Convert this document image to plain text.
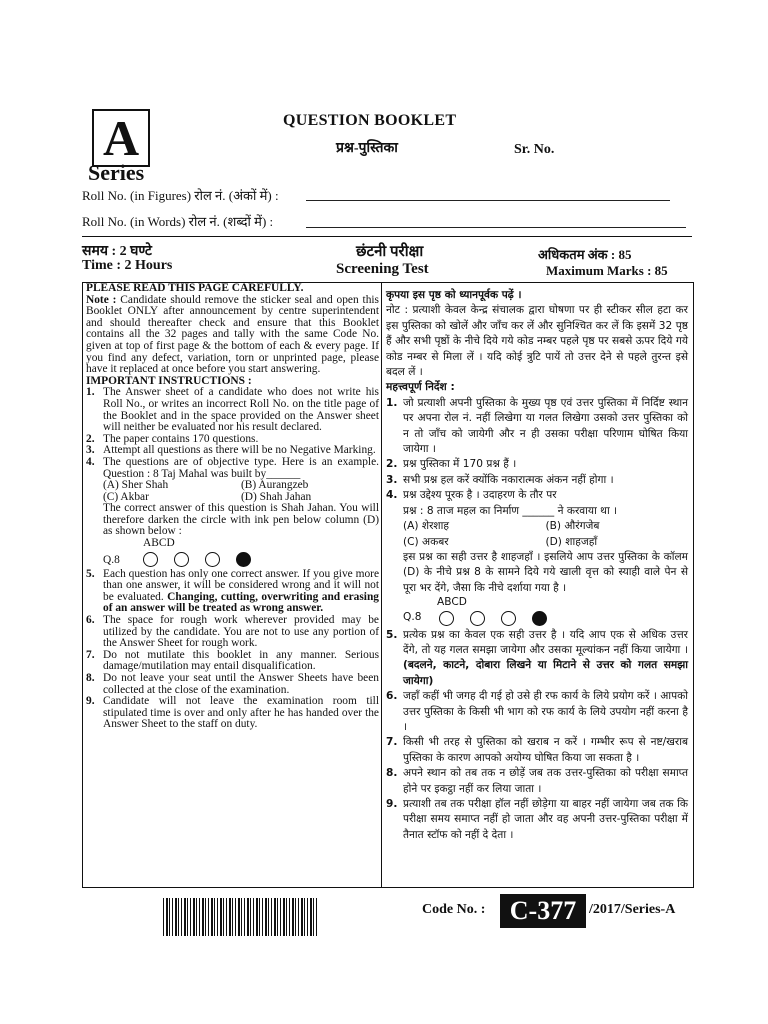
A
Series
QUESTION BOOKLET
प्रश्न-पुस्तिका	Sr. No.
Roll No. (in Figures) रोल नं. (अंकों में) :
Roll No. (in Words) रोल नं. (शब्दों में) :
समय : 2 घण्टे
Time : 2 Hours
छंटनी परीक्षा
Screening Test
अधिकतम अंक : 85
Maximum Marks : 85

PLEASE READ THIS PAGE CAREFULLY.

Note : Candidate should remove the sticker seal and open this Booklet ONLY after announcement by centre superintendent and should thereafter check and ensure that this Booklet contains all the 32 pages and tally with the same Code No. given at top of first page & the bottom of each & every page. If you find any defect, variation, torn or unprinted page, please have it replaced at once before you start answering.

IMPORTANT INSTRUCTIONS :

1. The Answer sheet of a candidate who does not write his Roll No., or writes an incorrect Roll No. on the title page of the Booklet and in the space provided on the Answer sheet will neither be evaluated nor his result declared.
2. The paper contains 170 questions.
3. Attempt all questions as there will be no Negative Marking.
4. The questions are of objective type. Here is an example. Question : 8 Taj Mahal was built by______
(A) Sher Shah	(B) Aurangzeb
(C) Akbar	(D) Shah Jahan
The correct answer of this question is Shah Jahan. You will therefore darken the circle with ink pen below column (D) as shown below :
ABCD
Q.8
5. Each question has only one correct answer. If you give more than one answer, it will be considered wrong and it will not be evaluated. Changing, cutting, overwriting and erasing of an answer will be treated as wrong answer.
6. The space for rough work wherever provided may be utilized by the candidate. You are not to use any portion of the Answer Sheet for rough work.
7. Do not mutilate this booklet in any manner. Serious damage/mutilation may entail disqualification.
8. Do not leave your seat until the Answer Sheets have been collected at the close of the examination.
9. Candidate will not leave the examination room till stipulated time is over and only after he has handed over the Answer Sheet to the staff on duty.

कृपया इस पृष्ठ को ध्यानपूर्वक पढ़ें ।

नोट : प्रत्याशी केवल केन्द्र संचालक द्वारा घोषणा पर ही स्टीकर सील हटा कर इस पुस्तिका को खोलें और जाँच कर लें और सुनिश्चित कर लें कि इसमें 32 पृष्ठ हैं और सभी पृष्ठों के नीचे दिये गये कोड नम्बर पहले पृष्ठ पर सबसे ऊपर दिये गये कोड नम्बर से मिला लें । यदि कोई त्रुटि पायें तो उत्तर देने से पहले तुरन्त इसे बदल लें ।

महत्त्वपूर्ण निर्देश :

1. जो प्रत्याशी अपनी पुस्तिका के मुख्य पृष्ठ एवं उत्तर पुस्तिका में निर्दिष्ट स्थान पर अपना रोल नं. नहीं लिखेगा या गलत लिखेगा उसको उत्तर पुस्तिका को न तो जाँच को जायेगी और न ही उसका परीक्षा परिणाम घोषित किया जायेगा ।
2. प्रश्न पुस्तिका में 170 प्रश्न हैं ।
3. सभी प्रश्न हल करें क्योंकि नकारात्मक अंकन नहीं होगा ।
4. प्रश्न उद्देश्य पूरक है । उदाहरण के तौर पर
प्रश्न : 8 ताज महल का निर्माण ______ ने करवाया था ।
(A) शेरशाह	(B) औरंगजेब
(C) अकबर	(D) शाहजहाँ
इस प्रश्न का सही उत्तर है शाहजहाँ । इसलिये आप उत्तर पुस्तिका के कॉलम (D) के नीचे प्रश्न 8 के सामने दिये गये खाली वृत्त को स्याही वाले पेन से पूरा भर देंगे, जैसा कि नीचे दर्शाया गया है ।
ABCD
Q.8
5. प्रत्येक प्रश्न का केवल एक सही उत्तर है । यदि आप एक से अधिक उत्तर देंगे, तो यह गलत समझा जायेगा और उसका मूल्यांकन नहीं किया जायेगा । (बदलने, काटने, दोबारा लिखने या मिटाने से उत्तर को गलत समझा जायेगा)
6. जहाँ कहीं भी जगह दी गई हो उसे ही रफ कार्य के लिये प्रयोग करें । आपको उत्तर पुस्तिका के किसी भी भाग को रफ कार्य के लिये उपयोग नहीं करना है ।
7. किसी भी तरह से पुस्तिका को खराब न करें । गम्भीर रूप से नष्ट/खराब पुस्तिका के कारण आपको अयोग्य घोषित किया जा सकता है ।
8. अपने स्थान को तब तक न छोड़ें जब तक उत्तर-पुस्तिका को परीक्षा समाप्त होने पर इकट्ठा नहीं कर लिया जाता ।
9. प्रत्याशी तब तक परीक्षा हॉल नहीं छोड़ेगा या बाहर नहीं जायेगा जब तक कि परीक्षा समय समाप्त नहीं हो जाता और वह अपनी उत्तर-पुस्तिका परीक्षा में तैनात स्टॉफ को नहीं दे देता ।
Code No. : C-377 /2017/Series-A
